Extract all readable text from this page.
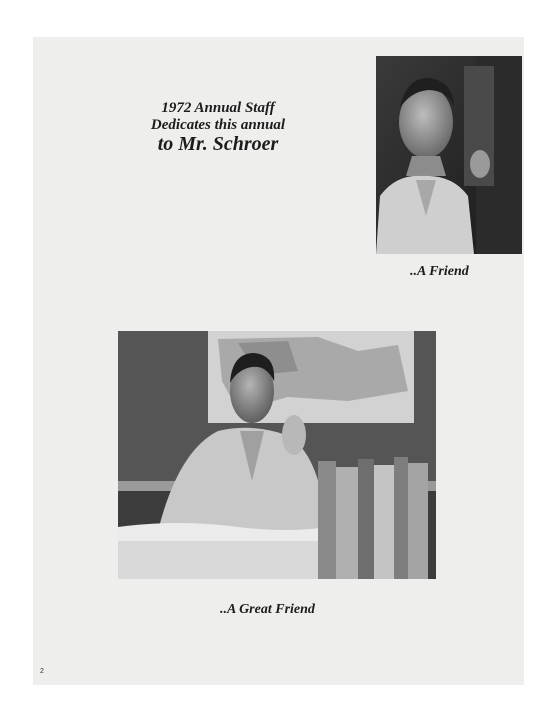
1972 Annual Staff
Dedicates this annual
to Mr. Schroer
..A Friend
..A Great Friend
2
